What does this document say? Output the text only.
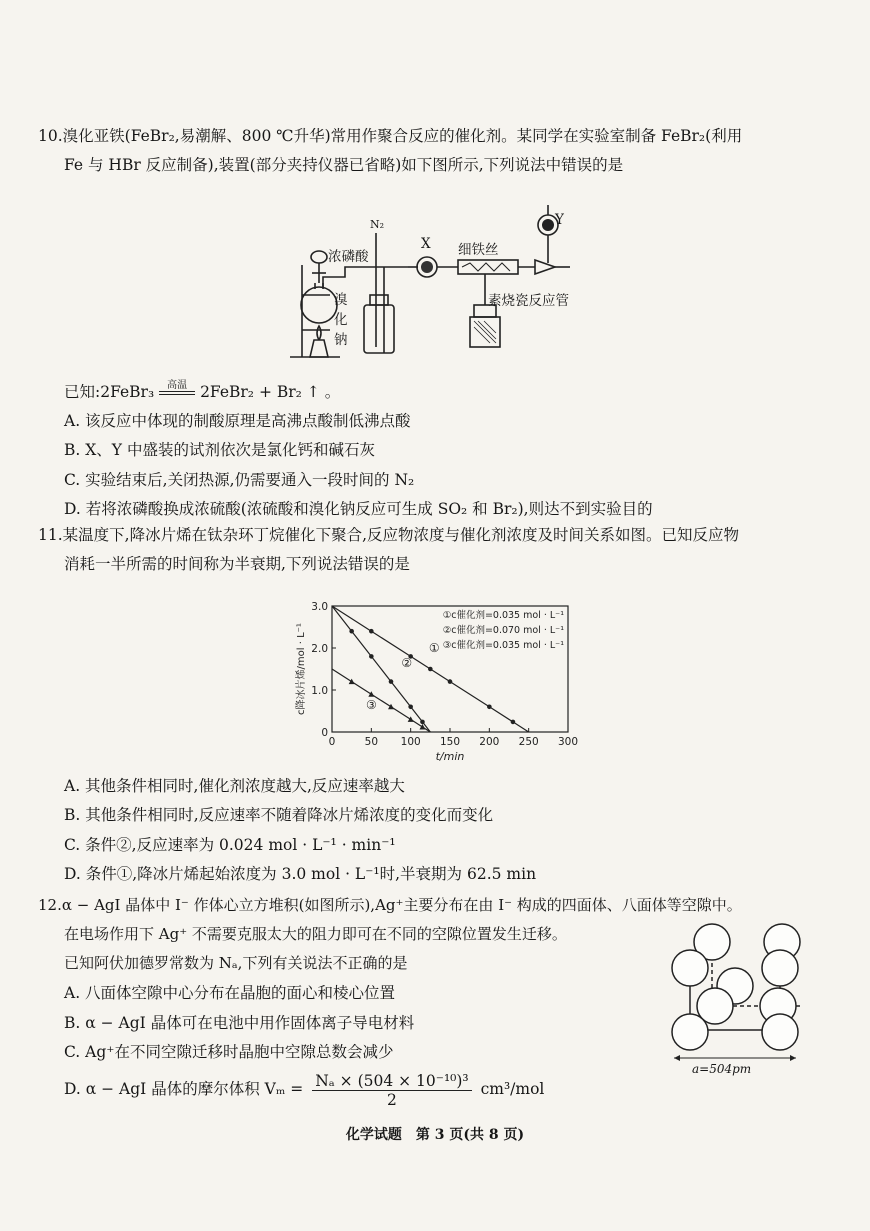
10.溴化亚铁(FeBr₂,易潮解、800 ℃升华)常用作聚合反应的催化剂。某同学在实验室制备 FeBr₂(利用
Fe 与 HBr 反应制备),装置(部分夹持仪器已省略)如下图所示,下列说法中错误的是
N₂
浓磷酸
溴
化
钠
X 细铁丝
Y
素烧瓷反应管
已知:2FeBr₃	高温 2FeBr₂ + Br₂ ↑ 。
A. 该反应中体现的制酸原理是高沸点酸制低沸点酸
B. X、Y 中盛装的试剂依次是氯化钙和碱石灰
C. 实验结束后,关闭热源,仍需要通入一段时间的 N₂
D. 若将浓磷酸换成浓硫酸(浓硫酸和溴化钠反应可生成 SO₂ 和 Br₂),则达不到实验目的
11.某温度下,降冰片烯在钛杂环丁烷催化下聚合,反应物浓度与催化剂浓度及时间关系如图。已知反应物
消耗一半所需的时间称为半衰期,下列说法错误的是
0	50 100 150 200 250 300
0
1.0
2.0
3.0
t/min
c降冰片烯/mol · L⁻¹	①
②
③
①c催化剂=0.035 mol · L⁻¹
②c催化剂=0.070 mol · L⁻¹
③c催化剂=0.035 mol · L⁻¹
A. 其他条件相同时,催化剂浓度越大,反应速率越大
B. 其他条件相同时,反应速率不随着降冰片烯浓度的变化而变化
C. 条件②,反应速率为 0.024 mol · L⁻¹ · min⁻¹
D. 条件①,降冰片烯起始浓度为 3.0 mol · L⁻¹时,半衰期为 62.5 min
12.α − AgI 晶体中 I⁻ 作体心立方堆积(如图所示),Ag⁺主要分布在由 I⁻ 构成的四面体、八面体等空隙中。
在电场作用下 Ag⁺ 不需要克服太大的阻力即可在不同的空隙位置发生迁移。
已知阿伏加德罗常数为 Nₐ,下列有关说法不正确的是
A. 八面体空隙中心分布在晶胞的面心和棱心位置
B. α − AgI 晶体可在电池中用作固体离子导电材料
C. Ag⁺在不同空隙迁移时晶胞中空隙总数会减少
D. α − AgI 晶体的摩尔体积 $V_m = \frac{\text{Nₐ × (504 × 10⁻¹⁰)³}}{2} cm^3/mol$
a=504pm
化学试题　第 3 页(共 8 页)
